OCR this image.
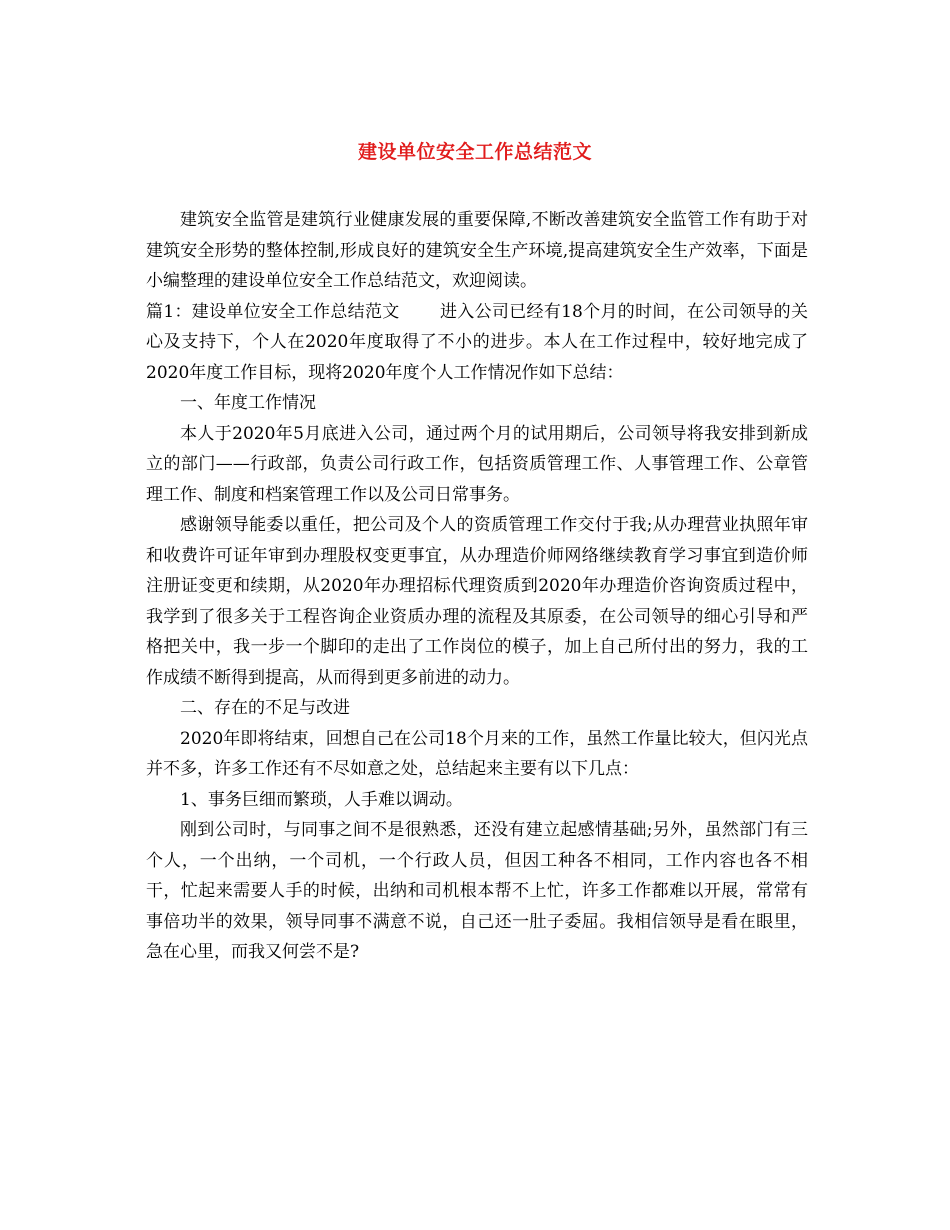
建设单位安全工作总结范文

建筑安全监管是建筑行业健康发展的重要保障,不断改善建筑安全监管工作有助于对建筑安全形势的整体控制,形成良好的建筑安全生产环境,提高建筑安全生产效率，下面是小编整理的建设单位安全工作总结范文，欢迎阅读。

篇1：建设单位安全工作总结范文 进入公司已经有18个月的时间，在公司领导的关心及支持下，个人在2020年度取得了不小的进步。本人在工作过程中，较好地完成了2020年度工作目标，现将2020年度个人工作情况作如下总结：

一、年度工作情况

本人于2020年5月底进入公司，通过两个月的试用期后，公司领导将我安排到新成立的部门——行政部，负责公司行政工作，包括资质管理工作、人事管理工作、公章管理工作、制度和档案管理工作以及公司日常事务。

感谢领导能委以重任，把公司及个人的资质管理工作交付于我;从办理营业执照年审和收费许可证年审到办理股权变更事宜，从办理造价师网络继续教育学习事宜到造价师注册证变更和续期，从2020年办理招标代理资质到2020年办理造价咨询资质过程中，我学到了很多关于工程咨询企业资质办理的流程及其原委，在公司领导的细心引导和严格把关中，我一步一个脚印的走出了工作岗位的模子，加上自己所付出的努力，我的工作成绩不断得到提高，从而得到更多前进的动力。

二、存在的不足与改进

2020年即将结束，回想自己在公司18个月来的工作，虽然工作量比较大，但闪光点并不多，许多工作还有不尽如意之处，总结起来主要有以下几点：

1、事务巨细而繁琐，人手难以调动。

刚到公司时，与同事之间不是很熟悉，还没有建立起感情基础;另外，虽然部门有三个人，一个出纳，一个司机，一个行政人员，但因工种各不相同，工作内容也各不相干，忙起来需要人手的时候，出纳和司机根本帮不上忙，许多工作都难以开展，常常有事倍功半的效果，领导同事不满意不说，自己还一肚子委屈。我相信领导是看在眼里，急在心里，而我又何尝不是?
